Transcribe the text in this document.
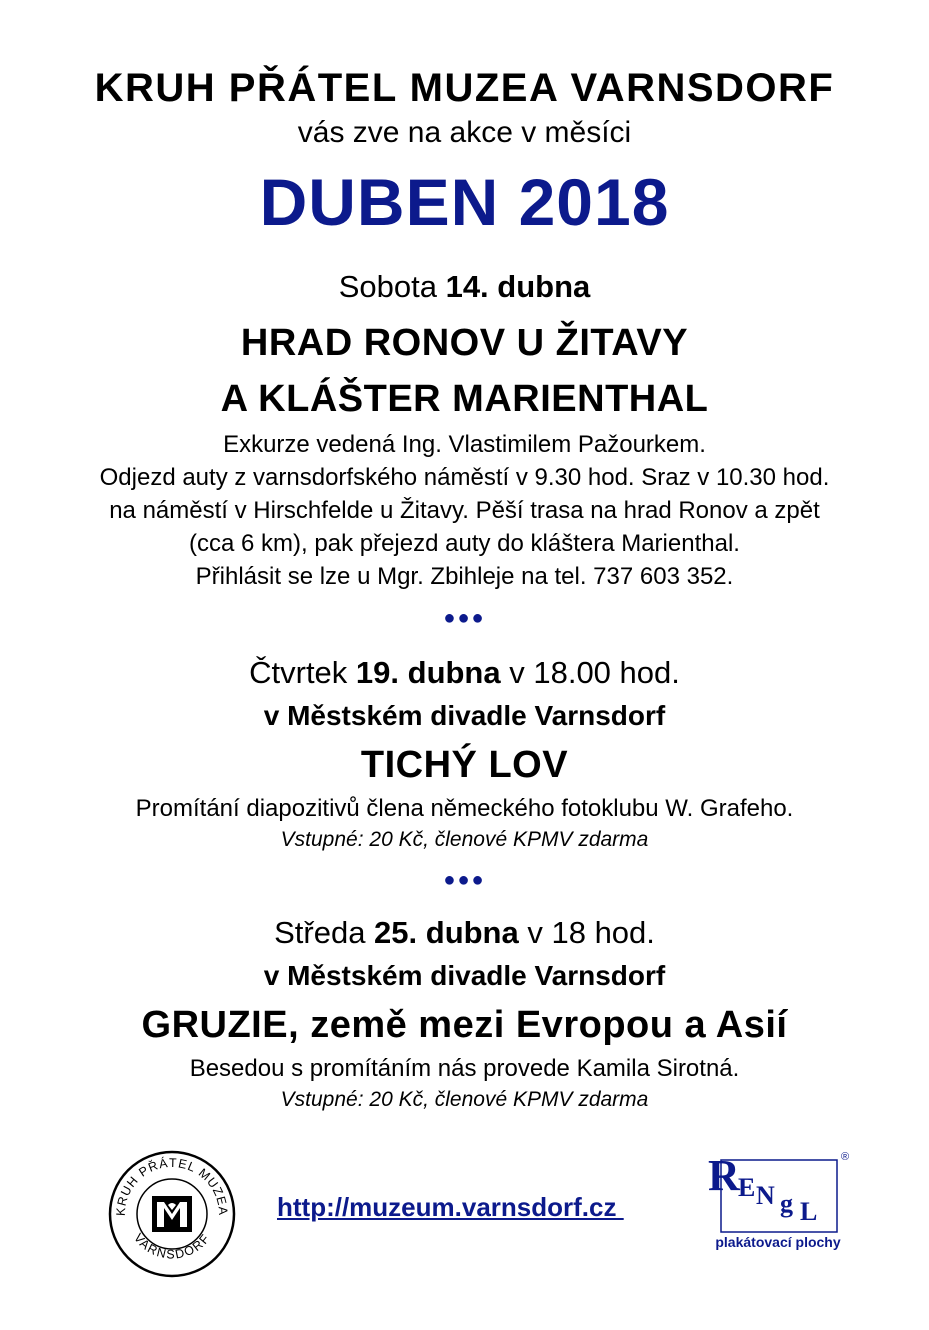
KRUH PŘÁTEL MUZEA VARNSDORF
vás zve na akce v měsíci
DUBEN 2018
Sobota 14. dubna
HRAD RONOV U ŽITAVY
A KLÁŠTER MARIENTHAL
Exkurze vedená Ing. Vlastimilem Pažourkem.
Odjezd auty z varnsdorfského náměstí v 9.30 hod. Sraz v 10.30 hod.
na náměstí v Hirschfelde u Žitavy. Pěší trasa na hrad Ronov a zpět
(cca 6 km), pak přejezd auty do kláštera Marienthal.
Přihlásit se lze u Mgr. Zbihleje na tel. 737 603 352.
●●●
Čtvrtek 19. dubna v 18.00 hod.
v Městském divadle Varnsdorf
TICHÝ LOV
Promítání diapozitivů člena německého fotoklubu W. Grafeho.
Vstupné: 20 Kč, členové KPMV zdarma
●●●
Středa 25. dubna v 18 hod.
v Městském divadle Varnsdorf
GRUZIE, země mezi Evropou a Asií
Besedou s promítáním nás provede Kamila Sirotná.
Vstupné: 20 Kč, členové KPMV zdarma
KRUH PŘÁTEL MUZEA
VARNSDORF
http://muzeum.varnsdorf.cz
R
E N g L
®
plakátovací plochy
